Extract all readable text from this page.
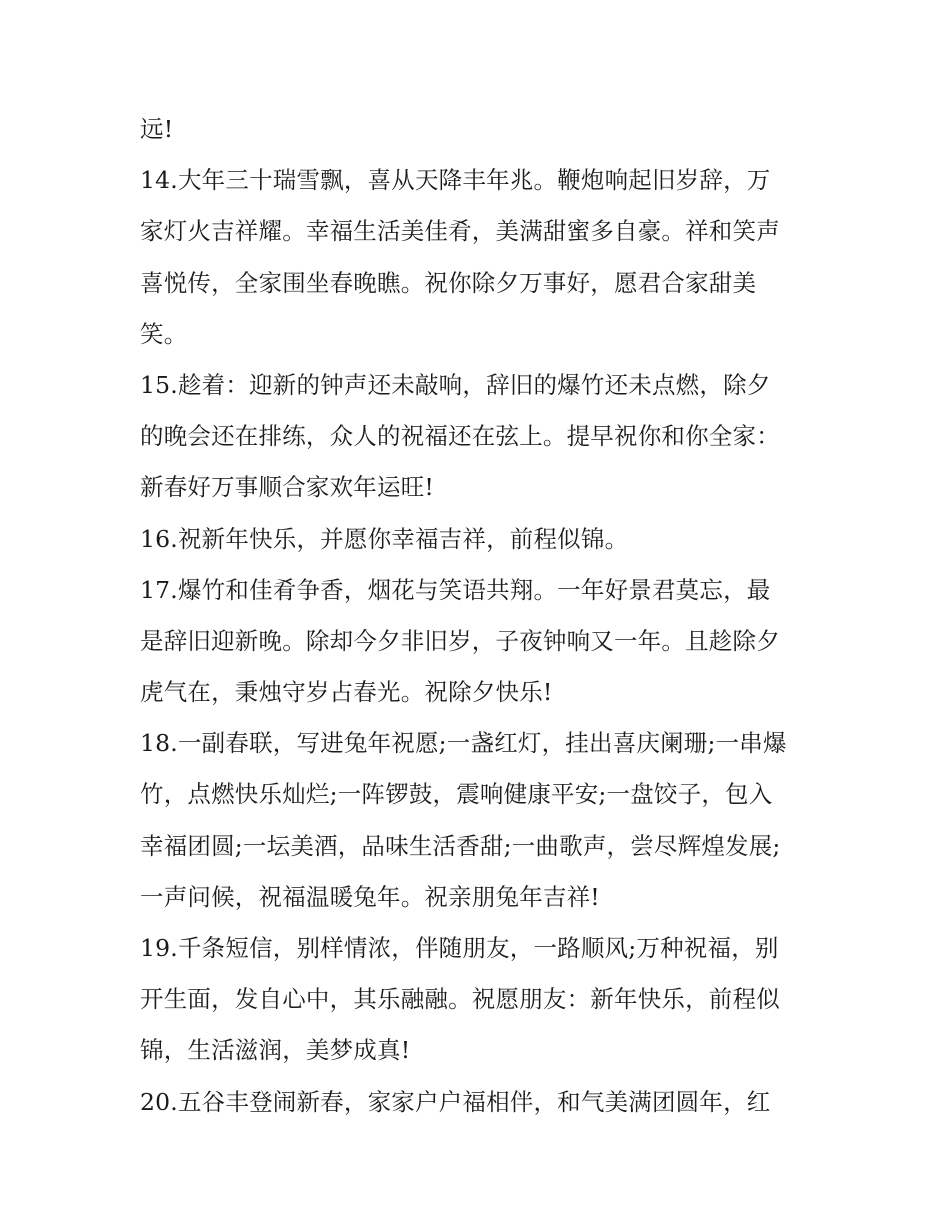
远!
14.大年三十瑞雪飘，喜从天降丰年兆。鞭炮响起旧岁辞，万
家灯火吉祥耀。幸福生活美佳肴，美满甜蜜多自豪。祥和笑声
喜悦传，全家围坐春晚瞧。祝你除夕万事好，愿君合家甜美
笑。
15.趁着：迎新的钟声还未敲响，辞旧的爆竹还未点燃，除夕
的晚会还在排练，众人的祝福还在弦上。提早祝你和你全家：
新春好万事顺合家欢年运旺!
16.祝新年快乐，并愿你幸福吉祥，前程似锦。
17.爆竹和佳肴争香，烟花与笑语共翔。一年好景君莫忘，最
是辞旧迎新晚。除却今夕非旧岁，子夜钟响又一年。且趁除夕
虎气在，秉烛守岁占春光。祝除夕快乐!
18.一副春联，写进兔年祝愿;一盏红灯，挂出喜庆阑珊;一串爆
竹，点燃快乐灿烂;一阵锣鼓，震响健康平安;一盘饺子，包入
幸福团圆;一坛美酒，品味生活香甜;一曲歌声，尝尽辉煌发展;
一声问候，祝福温暖兔年。祝亲朋兔年吉祥!
19.千条短信，别样情浓，伴随朋友，一路顺风;万种祝福，别
开生面，发自心中，其乐融融。祝愿朋友：新年快乐，前程似
锦，生活滋润，美梦成真!
20.五谷丰登闹新春，家家户户福相伴，和气美满团圆年，红
